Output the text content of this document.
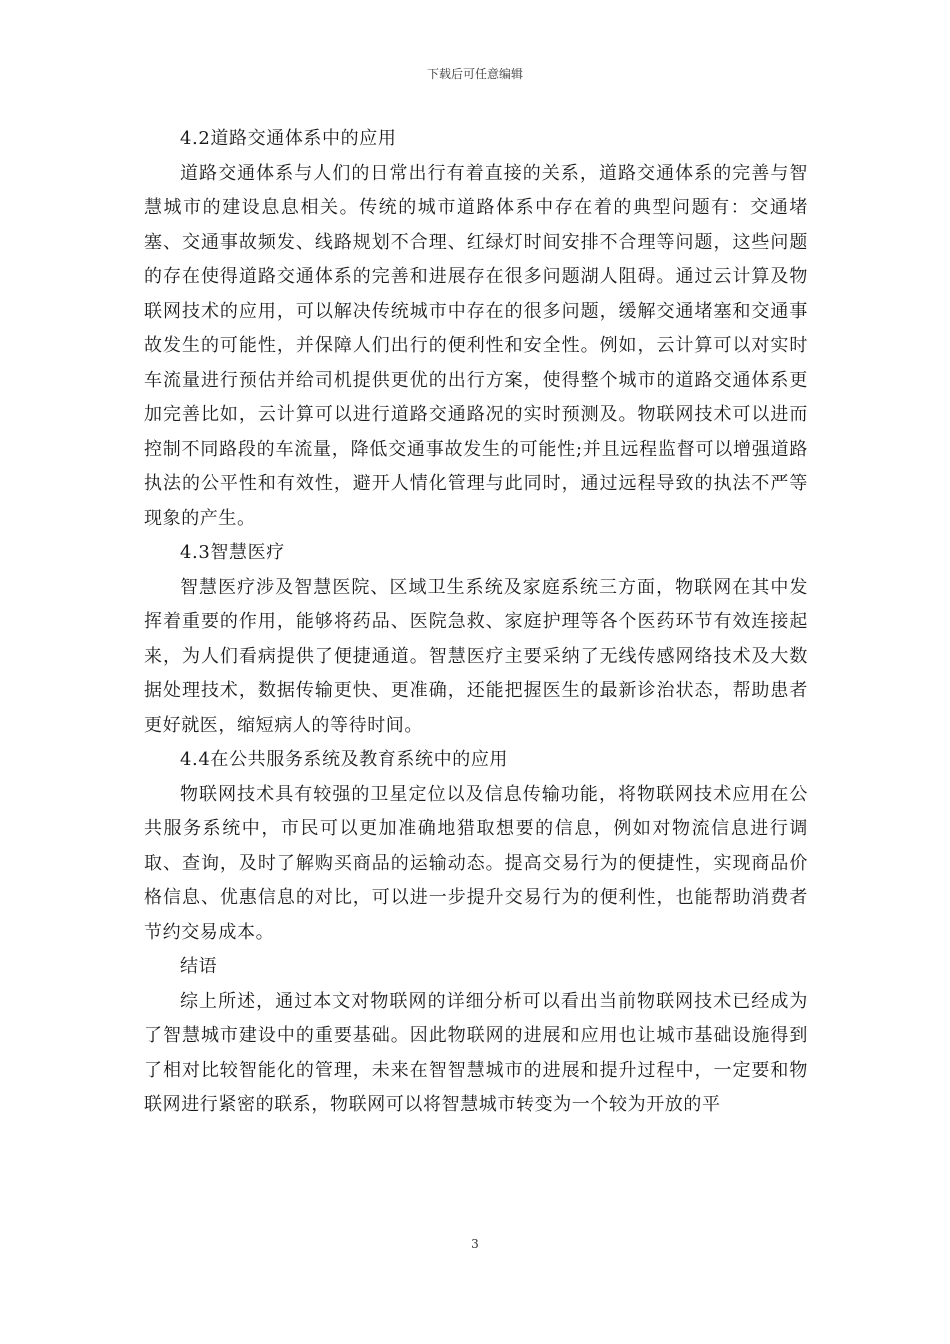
下载后可任意编辑

4.2道路交通体系中的应用

道路交通体系与人们的日常出行有着直接的关系，道路交通体系的完善与智慧城市的建设息息相关。传统的城市道路体系中存在着的典型问题有：交通堵塞、交通事故频发、线路规划不合理、红绿灯时间安排不合理等问题，这些问题的存在使得道路交通体系的完善和进展存在很多问题湖人阻碍。通过云计算及物联网技术的应用，可以解决传统城市中存在的很多问题，缓解交通堵塞和交通事故发生的可能性，并保障人们出行的便利性和安全性。例如，云计算可以对实时车流量进行预估并给司机提供更优的出行方案，使得整个城市的道路交通体系更加完善比如，云计算可以进行道路交通路况的实时预测及。物联网技术可以进而控制不同路段的车流量，降低交通事故发生的可能性;并且远程监督可以增强道路执法的公平性和有效性，避开人情化管理与此同时，通过远程导致的执法不严等现象的产生。

4.3智慧医疗

智慧医疗涉及智慧医院、区域卫生系统及家庭系统三方面，物联网在其中发挥着重要的作用，能够将药品、医院急救、家庭护理等各个医药环节有效连接起来，为人们看病提供了便捷通道。智慧医疗主要采纳了无线传感网络技术及大数据处理技术，数据传输更快、更准确，还能把握医生的最新诊治状态，帮助患者更好就医，缩短病人的等待时间。

4.4在公共服务系统及教育系统中的应用

物联网技术具有较强的卫星定位以及信息传输功能，将物联网技术应用在公共服务系统中，市民可以更加准确地猎取想要的信息，例如对物流信息进行调取、查询，及时了解购买商品的运输动态。提高交易行为的便捷性，实现商品价格信息、优惠信息的对比，可以进一步提升交易行为的便利性，也能帮助消费者节约交易成本。

结语

综上所述，通过本文对物联网的详细分析可以看出当前物联网技术已经成为了智慧城市建设中的重要基础。因此物联网的进展和应用也让城市基础设施得到了相对比较智能化的管理，未来在智智慧城市的进展和提升过程中，一定要和物联网进行紧密的联系，物联网可以将智慧城市转变为一个较为开放的平

3
